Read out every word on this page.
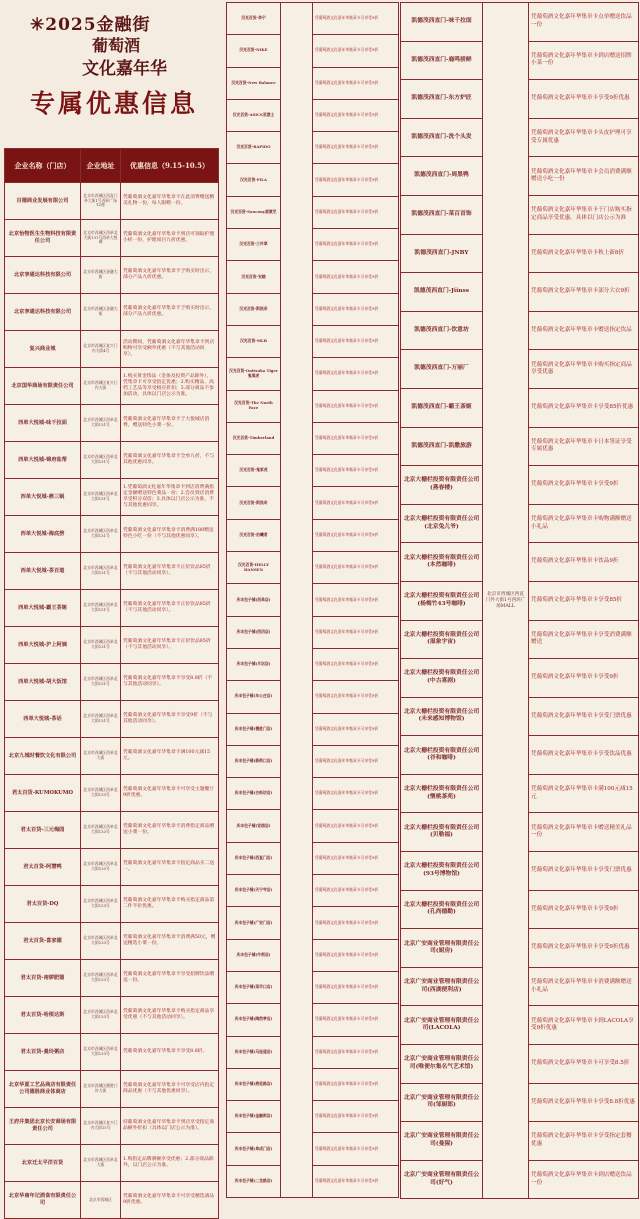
✳2025金融街
葡萄酒
文化嘉年华
专属优惠信息
企业名称（门店）	企业地址	优惠信息（9.15-10.5）
百德商业发展有限公司	北京市西城区西直门外大街1号西环广场T2座	凭葡萄酒文化嘉年华集章卡在此消费赠送精美礼物一份，每人限赠一份。
北京怡物医生生物科技有限责任公司	北京市西城区西单北大街131号西单大悦城	凭葡萄酒文化嘉年华集章卡到店可领取护理小样一份，护理项目九折优惠。
北京享通达科技有限公司	北京市西城区金融大街	凭葡萄酒文化嘉年华集章卡于购买时出示，部分产品九折优惠。
北京享通达科技有限公司	北京市西城区金融大街	凭葡萄酒文化嘉年华集章卡于购买时出示，部分产品九折优惠。
复兴商业城	北京市西城区复兴门内大街4号	活动期间，凭葡萄酒文化嘉年华集章卡到店购物可享受额外优惠（不与其他活动同享）。
北京国华商场有限责任公司	北京市西城区复兴门内大街	1.购买黄金饰品（金条及投资产品除外），凭集章卡可享受指定优惠；2.购买精品、高档工艺品等享受相应折扣；3.部分商品不参加活动，具体以门店公示为准。
西单大悦城-味千拉面	北京市西城区西单北大街131号	凭葡萄酒文化嘉年华集章卡于大悦城店消费，赠送特色小菜一份。
西单大悦城-锦府盐帮	北京市西城区西单北大街131号	凭葡萄酒文化嘉年华集章卡全单九折，不与其他优惠同享。
西单大悦城-鼎三锅	北京市西城区西单北大街131号	1.凭葡萄酒文化嘉年华集章卡到店消费满指定金额赠送特色菜品一份；2.会员到店消费享受积分双倍；3.具体以门店公示为准，不与其他优惠同享。
西单大悦城-海底捞	北京市西城区西单北大街131号	凭葡萄酒文化嘉年华集章卡消费满188赠送特色小吃一份（不与其他优惠同享）。
西单大悦城-茶百道	北京市西城区西单北大街131号	凭葡萄酒文化嘉年华集章卡正价饮品85折（不与其他活动同享）。
西单大悦城-霸王茶姬	北京市西城区西单北大街131号	凭葡萄酒文化嘉年华集章卡正价饮品85折（不与其他活动同享）。
西单大悦城-沪上阿姨	北京市西城区西单北大街131号	凭葡萄酒文化嘉年华集章卡正价饮品85折（不与其他活动同享）。
西单大悦城-胡大饭馆	北京市西城区西单北大街131号	凭葡萄酒文化嘉年华集章卡享受8.8折（不与其他活动同享）。
西单大悦城-茶话	北京市西城区西单北大街131号	凭葡萄酒文化嘉年华集章卡享受9折（不与其他活动同享）。
北京九城时餐饮文化有限公司	北京市西城区西单北大街	凭葡萄酒文化嘉年华集章卡满100元减15元。
君太百货-KUMOKUMO	北京市西城区西单北大街133号	凭葡萄酒文化嘉年华集章卡可享受主题餐厅9折优惠。
君太百货-三元梅园	北京市西城区西单北大街133号	凭葡萄酒文化嘉年华集章卡消费指定商品赠送小菜一份。
君太百货-阿慧鸭	北京市西城区西单北大街133号	凭葡萄酒文化嘉年华集章卡指定商品买二送一。
君太百货-DQ	北京市西城区西单北大街133号	凭葡萄酒文化嘉年华集章卡购买指定商品第二件半价优惠。
君太百货-喜家德	北京市西城区西单北大街133号	凭葡萄酒文化嘉年华集章卡消费满50元，赠送精选小菜一份。
君太百货-南锣肥猫	北京市西城区西单北大街133号	凭葡萄酒文化嘉年华集章卡享受招牌饮品赠送一份。
君太百货-哈根达斯	北京市西城区西单北大街133号	凭葡萄酒文化嘉年华集章卡购买指定商品享受优惠（不与其他活动同享）。
君太百货-曼玲粥店	北京市西城区西单北大街133号	凭葡萄酒文化嘉年华集章卡享受8.8折。
北京华夏工艺品商店有限责任公司德胜商业体商店	北京市西城区德胜门外大街	凭葡萄酒文化嘉年华集章卡可享受店内指定商品优惠（不与其他优惠同享）。
王府井集团北京长安商场有限责任公司	北京市西城区复兴门内大街15号	持葡萄酒文化嘉年华集章卡到店享受指定商品额外折扣（具体以门店公示为准）。
北京迁太平洋百货	北京市西城区西单北大街	1.购指定品牌满额享受优惠；2.部分商品除外，以门店公示为准。
北京华南年记酒食有限责任公司	北京市西城区	凭葡萄酒文化嘉年华集章卡可享受精选酒品9折优惠。
汉光百货-李宁		凭葡萄酒文化嘉年华集章卡可享受9折
汉光百货-NIKE		凭葡萄酒文化嘉年华集章卡可享受9折
汉光百货-New Balance		凭葡萄酒文化嘉年华集章卡可享受9折
汉光百货-ASICS亚瑟士		凭葡萄酒文化嘉年华集章卡可享受9折
汉光百货-RAPIDO		凭葡萄酒文化嘉年华集章卡可享受9折
汉光百货-FILA		凭葡萄酒文化嘉年华集章卡可享受9折
汉光百货-Saucony索康尼		凭葡萄酒文化嘉年华集章卡可享受9折
汉光百货-三叶草		凭葡萄酒文化嘉年华集章卡可享受9折
汉光百货-安踏		凭葡萄酒文化嘉年华集章卡可享受9折
汉光百货-斯凯奇		凭葡萄酒文化嘉年华集章卡可享受9折
汉光百货-MLB		凭葡萄酒文化嘉年华集章卡可享受9折
汉光百货-Onitsuka Tiger鬼塚虎		凭葡萄酒文化嘉年华集章卡可享受9折
汉光百货-The North Face		凭葡萄酒文化嘉年华集章卡可享受9折
汉光百货-Timberland		凭葡萄酒文化嘉年华集章卡可享受9折
汉光百货-鬼冢虎		凭葡萄酒文化嘉年华集章卡可享受9折
汉光百货-斯凯奇		凭葡萄酒文化嘉年华集章卡可享受9折
汉光百货-伯曦者		凭葡萄酒文化嘉年华集章卡可享受9折
汉光百货-HELLY HANSEN		凭葡萄酒文化嘉年华集章卡可享受9折
庆丰包子铺(西单店)		凭葡萄酒文化嘉年华集章卡可享受9折
庆丰包子铺(西四店)		凭葡萄酒文化嘉年华集章卡可享受9折
庆丰包子铺(月坛店)		凭葡萄酒文化嘉年华集章卡可享受9折
庆丰包子铺(车公庄店)		凭葡萄酒文化嘉年华集章卡可享受9折
庆丰包子铺(德胜门店)		凭葡萄酒文化嘉年华集章卡可享受9折
庆丰包子铺(新街口店)		凭葡萄酒文化嘉年华集章卡可享受9折
庆丰包子铺(白纸坊店)		凭葡萄酒文化嘉年华集章卡可享受9折
庆丰包子铺(官园店)		凭葡萄酒文化嘉年华集章卡可享受9折
庆丰包子铺(西直门店)		凭葡萄酒文化嘉年华集章卡可享受9折
庆丰包子铺(天宁寺店)		凭葡萄酒文化嘉年华集章卡可享受9折
庆丰包子铺(广安门店)		凭葡萄酒文化嘉年华集章卡可享受9折
庆丰包子铺(牛街店)		凭葡萄酒文化嘉年华集章卡可享受9折
庆丰包子铺(菜市口店)		凭葡萄酒文化嘉年华集章卡可享受9折
庆丰包子铺(陶然亭店)		凭葡萄酒文化嘉年华集章卡可享受9折
庆丰包子铺(马连道店)		凭葡萄酒文化嘉年华集章卡可享受9折
庆丰包子铺(展览路店)		凭葡萄酒文化嘉年华集章卡可享受9折
庆丰包子铺(金融街店)		凭葡萄酒文化嘉年华集章卡可享受9折
庆丰包子铺(阜成门店)		凭葡萄酒文化嘉年华集章卡可享受9折
庆丰包子铺(二龙路店)		凭葡萄酒文化嘉年华集章卡可享受9折
凯德茂西直门-味千拉面	北京市西城区西直门外大街1号西环广场MALL	凭葡萄酒文化嘉年华集章卡点单赠送饮品一份
凯德茂西直门-鹿鸣骄鲜		凭葡萄酒文化嘉年华集章卡到店赠送招牌小菜一份
凯德茂西直门-东方炉匠		凭葡萄酒文化嘉年华集章卡享受9折优惠
凯德茂西直门-洗个头发		凭葡萄酒文化嘉年华集章卡头皮护理可享受专属优惠
凯德茂西直门-周黑鸭		凭葡萄酒文化嘉年华集章卡会员消费满额赠送小吃一份
凯德茂西直门-菜百首饰		凭葡萄酒文化嘉年华集章卡于门店购买指定商品享受优惠，具体以门店公示为准
凯德茂西直门-JNBY		凭葡萄酒文化嘉年华集章卡秋上新8折
凯德茂西直门-Jiinss		凭葡萄酒文化嘉年华集章卡部分大衣9折
凯德茂西直门-饮意坊		凭葡萄酒文化嘉年华集章卡赠送指定饮品
凯德茂西直门-万丽厂		凭葡萄酒文化嘉年华集章卡购买指定商品享受优惠
凯德茂西直门-霸王茶姬		凭葡萄酒文化嘉年华集章卡享受85折优惠
凯德茂西直门-凯撒旅游		凭葡萄酒文化嘉年华集章卡日本签证享受专属优惠
北京大栅栏投资有限责任公司(燕春楼)		凭葡萄酒文化嘉年华集章卡享受9折
北京大栅栏投资有限责任公司(北京兔儿爷)		凭葡萄酒文化嘉年华集章卡购物满额赠送小礼品
北京大栅栏投资有限责任公司(本然咖啡)		凭葡萄酒文化嘉年华集章卡饮品9折
北京大栅栏投资有限责任公司(杨梅竹43号咖啡)		凭葡萄酒文化嘉年华集章卡享受85折
北京大栅栏投资有限责任公司(湿象宇宙)		凭葡萄酒文化嘉年华集章卡享受消费满额赠送
北京大栅栏投资有限责任公司(中古喜剧)		凭葡萄酒文化嘉年华集章卡享受9折
北京大栅栏投资有限责任公司(未来感知博物馆)		凭葡萄酒文化嘉年华集章卡享受门票优惠
北京大栅栏投资有限责任公司(谷和咖啡)		凭葡萄酒文化嘉年华集章卡享受饮品优惠
北京大栅栏投资有限责任公司(惬桃茶苑)		凭葡萄酒文化嘉年华集章卡满100元减15元
北京大栅栏投资有限责任公司(贝勒福)		凭葡萄酒文化嘉年华集章卡赠送精美礼品一份
北京大栅栏投资有限责任公司(93号博物馆)		凭葡萄酒文化嘉年华集章卡享受门票优惠
北京大栅栏投资有限责任公司(孔尚德勤)		凭葡萄酒文化嘉年华集章卡享受9折
北京广安商业管理有限责任公司(厨房)		凭葡萄酒文化嘉年华集章卡享受9折优惠
北京广安商业管理有限责任公司(西湖便利店)		凭葡萄酒文化嘉年华集章卡消费满额赠送小礼品
北京广安商业管理有限责任公司(LACOLA)		凭葡萄酒文化嘉年华集章卡到LACOLA享受9折优惠
北京广安商业管理有限责任公司(唯便尔集名气艺术馆)		凭葡萄酒文化嘉年华集章卡可享受8.5折
北京广安商业管理有限责任公司(邹厨郎)		凭葡萄酒文化嘉年华集章卡享受8.8折优惠
北京广安商业管理有限责任公司(曼猩)		凭葡萄酒文化嘉年华集章卡享受指定套餐优惠
北京广安商业管理有限责任公司(好气)		凭葡萄酒文化嘉年华集章卡到店赠送饮品一份
